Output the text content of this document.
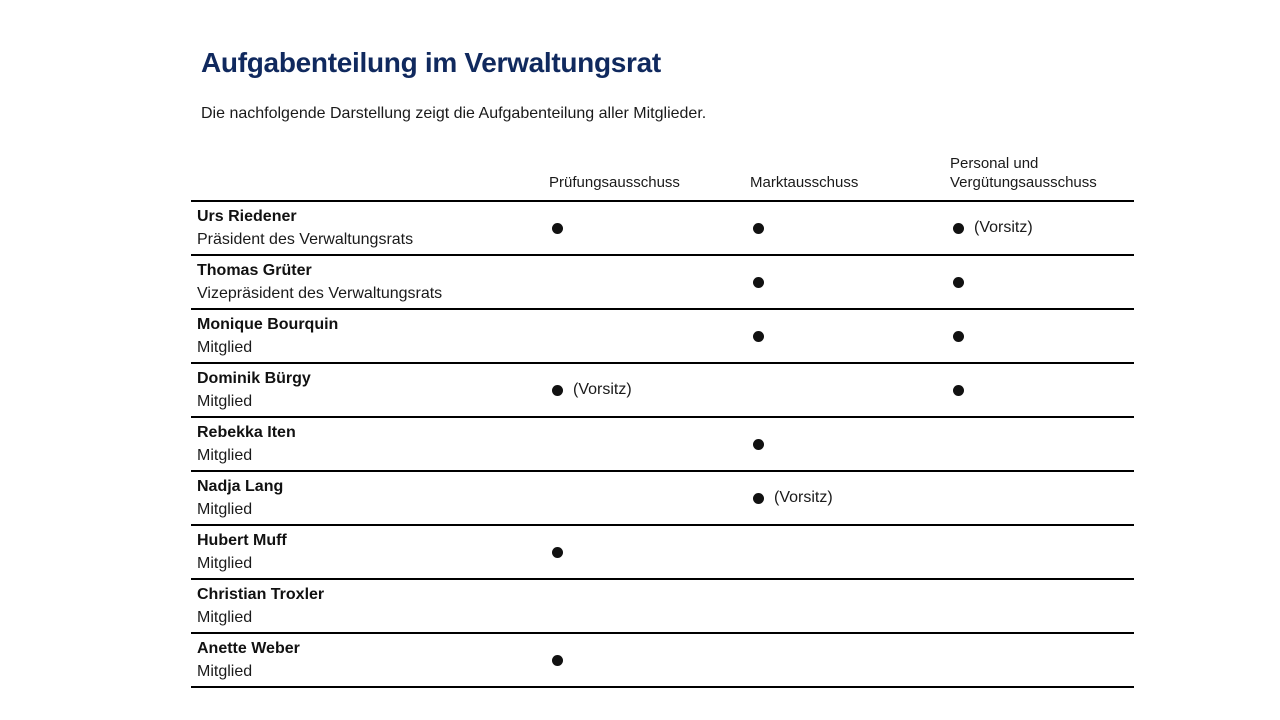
Aufgabenteilung im Verwaltungsrat

Die nachfolgende Darstellung zeigt die Aufgabenteilung aller Mitglieder.

Prüfungsausschuss	Marktausschuss
Personal und Vergütungsausschuss
Urs Riedener
Präsident des Verwaltungsrats
(Vorsitz)
Thomas Grüter
Vizepräsident des Verwaltungsrats
Monique Bourquin
Mitglied
Dominik Bürgy
Mitglied
(Vorsitz)
Rebekka Iten
Mitglied
Nadja Lang
Mitglied
(Vorsitz)
Hubert Muff
Mitglied
Christian Troxler
Mitglied
Anette Weber
Mitglied
